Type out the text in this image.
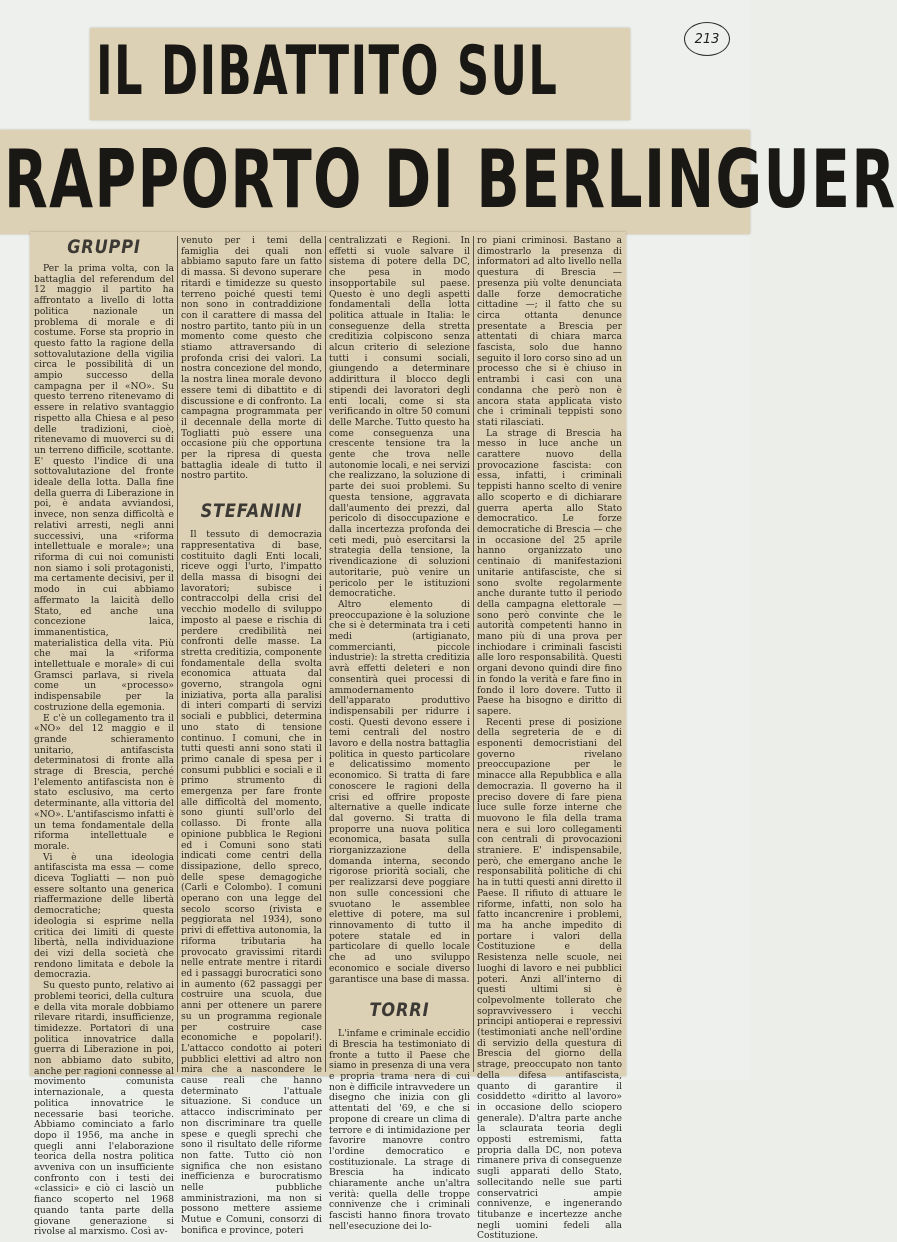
213
IL DIBATTITO SUL
RAPPORTO DI BERLINGUER
GRUPPI

Per la prima volta, con la battaglia del referendum del 12 maggio il partito ha affrontato a livello di lotta politica nazionale un problema di morale e di costume. Forse sta proprio in questo fatto la ragione della sottovalutazione della vigilia circa le possibilità di un ampio successo della campagna per il «NO». Su questo terreno ritenevamo di essere in relativo svantaggio rispetto alla Chiesa e al peso delle tradizioni, cioè, ritenevamo di muoverci su di un terreno difficile, scottante. E' questo l'indice di una sottovalutazione del fronte ideale della lotta. Dalla fine della guerra di Liberazione in poi, è andata avviandosi, invece, non senza difficoltà e relativi arresti, negli anni successivi, una «riforma intellettuale e morale»; una riforma di cui noi comunisti non siamo i soli protagonisti, ma certamente decisivi, per il modo in cui abbiamo affermato la laicità dello Stato, ed anche una concezione laica, immanentistica, materialistica della vita. Più che mai la «riforma intellettuale e morale» di cui Gramsci parlava, si rivela come un «processo» indispensabile per la costruzione della egemonia.

E c'è un collegamento tra il «NO» del 12 maggio e il grande schieramento unitario, antifascista determinatosi di fronte alla strage di Brescia, perché l'elemento antifascista non è stato esclusivo, ma certo determinante, alla vittoria del «NO». L'antifascismo infatti è un tema fondamentale della riforma intellettuale e morale.

Vi è una ideologia antifascista ma essa — come diceva Togliatti — non può essere soltanto una generica riaffermazione delle libertà democratiche; questa ideologia si esprime nella critica dei limiti di queste libertà, nella individuazione dei vizi della società che rendono limitata e debole la democrazia.

Su questo punto, relativo ai problemi teorici, della cultura e della vita morale dobbiamo rilevare ritardi, insufficienze, timidezze. Portatori di una politica innovatrice dalla guerra di Liberazione in poi, non abbiamo dato subito, anche per ragioni connesse al movimento comunista internazionale, a questa politica innovatrice le necessarie basi teoriche. Abbiamo cominciato a farlo dopo il 1956, ma anche in quegli anni l'elaborazione teorica della nostra politica avveniva con un insufficiente confronto con i testi dei «classici» e ciò ci lasciò un fianco scoperto nel 1968 quando tanta parte della giovane generazione si rivolse al marxismo. Così av-

venuto per i temi della famiglia dei quali non abbiamo saputo fare un fatto di massa. Si devono superare ritardi e timidezze su questo terreno poiché questi temi non sono in contraddizione con il carattere di massa del nostro partito, tanto più in un momento come questo che stiamo attraversando di profonda crisi dei valori. La nostra concezione del mondo, la nostra linea morale devono essere temi di dibattito e di discussione e di confronto. La campagna programmata per il decennale della morte di Togliatti può essere una occasione più che opportuna per la ripresa di questa battaglia ideale di tutto il nostro partito.

STEFANINI

Il tessuto di democrazia rappresentativa di base, costituito dagli Enti locali, riceve oggi l'urto, l'impatto della massa di bisogni dei lavoratori; subisce i contraccolpi della crisi del vecchio modello di sviluppo imposto al paese e rischia di perdere credibilità nei confronti delle masse. La stretta creditizia, componente fondamentale della svolta economica attuata dal governo, strangola ogni iniziativa, porta alla paralisi di interi comparti di servizi sociali e pubblici, determina uno stato di tensione continuo. I comuni, che in tutti questi anni sono stati il primo canale di spesa per i consumi pubblici e sociali e il primo strumento di emergenza per fare fronte alle difficoltà del momento, sono giunti sull'orlo del collasso. Di fronte alla opinione pubblica le Regioni ed i Comuni sono stati indicati come centri della dissipazione, dello spreco, delle spese demagogiche (Carli e Colombo). I comuni operano con una legge del secolo scorso (rivista e peggiorata nel 1934), sono privi di effettiva autonomia, la riforma tributaria ha provocato gravissimi ritardi nelle entrate mentre i ritardi ed i passaggi burocratici sono in aumento (62 passaggi per costruire una scuola, due anni per ottenere un parere su un programma regionale per costruire case economiche e popolari!). L'attacco condotto ai poteri pubblici elettivi ad altro non mira che a nascondere le cause reali che hanno determinato l'attuale situazione. Si conduce un attacco indiscriminato per non discriminare tra quelle spese e quegli sprechi che sono il risultato delle riforme non fatte. Tutto ciò non significa che non esistano inefficienza e burocratismo nelle pubbliche amministrazioni, ma non si possono mettere assieme Mutue e Comuni, consorzi di bonifica e province, poteri

centralizzati e Regioni. In effetti si vuole salvare il sistema di potere della DC, che pesa in modo insopportabile sul paese. Questo è uno degli aspetti fondamentali della lotta politica attuale in Italia: le conseguenze della stretta creditizia colpiscono senza alcun criterio di selezione tutti i consumi sociali, giungendo a determinare addirittura il blocco degli stipendi dei lavoratori degli enti locali, come si sta verificando in oltre 50 comuni delle Marche. Tutto questo ha come conseguenza una crescente tensione tra la gente che trova nelle autonomie locali, e nei servizi che realizzano, la soluzione di parte dei suoi problemi. Su questa tensione, aggravata dall'aumento dei prezzi, dal pericolo di disoccupazione e dalla incertezza profonda dei ceti medi, può esercitarsi la strategia della tensione, la rivendicazione di soluzioni autoritarie, può venire un pericolo per le istituzioni democratiche.

Altro elemento di preoccupazione è la soluzione che si è determinata tra i ceti medi (artigianato, commercianti, piccole industrie): la stretta creditizia avrà effetti deleteri e non consentirà quei processi di ammodernamento dell'apparato produttivo indispensabili per ridurre i costi. Questi devono essere i temi centrali del nostro lavoro e della nostra battaglia politica in questo particolare e delicatissimo momento economico. Si tratta di fare conoscere le ragioni della crisi ed offrire proposte alternative a quelle indicate dal governo. Si tratta di proporre una nuova politica economica, basata sulla riorganizzazione della domanda interna, secondo rigorose priorità sociali, che per realizzarsi deve poggiare non sulle concessioni che svuotano le assemblee elettive di potere, ma sul rinnovamento di tutto il potere statale ed in particolare di quello locale che ad uno sviluppo economico e sociale diverso garantisce una base di massa.

TORRI

L'infame e criminale eccidio di Brescia ha testimoniato di fronte a tutto il Paese che siamo in presenza di una vera e propria trama nera di cui non è difficile intravvedere un disegno che inizia con gli attentati del '69, e che si propone di creare un clima di terrore e di intimidazione per favorire manovre contro l'ordine democratico e costituzionale. La strage di Brescia ha indicato chiaramente anche un'altra verità: quella delle troppe connivenze che i criminali fascisti hanno finora trovato nell'esecuzione dei lo-

ro piani criminosi. Bastano a dimostrarlo la presenza di informatori ad alto livello nella questura di Brescia — presenza più volte denunciata dalle forze democratiche cittadine —; il fatto che su circa ottanta denunce presentate a Brescia per attentati di chiara marca fascista, solo due hanno seguito il loro corso sino ad un processo che si è chiuso in entrambi i casi con una condanna che però non è ancora stata applicata visto che i criminali teppisti sono stati rilasciati.

La strage di Brescia ha messo in luce anche un carattere nuovo della provocazione fascista: con essa, infatti, i criminali teppisti hanno scelto di venire allo scoperto e di dichiarare guerra aperta allo Stato democratico. Le forze democratiche di Brescia — che in occasione del 25 aprile hanno organizzato uno centinaio di manifestazioni unitarie antifasciste, che si sono svolte regolarmente anche durante tutto il periodo della campagna elettorale — sono però convinte che le autorità competenti hanno in mano più di una prova per inchiodare i criminali fascisti alle loro responsabilità. Questi organi devono quindi dire fino in fondo la verità e fare fino in fondo il loro dovere. Tutto il Paese ha bisogno e diritto di sapere.

Recenti prese di posizione della segreteria de e di esponenti democristiani del governo rivelano preoccupazione per le minacce alla Repubblica e alla democrazia. Il governo ha il preciso dovere di fare piena luce sulle forze interne che muovono le fila della trama nera e sui loro collegamenti con centrali di provocazioni straniere. E' indispensabile, però, che emergano anche le responsabilità politiche di chi ha in tutti questi anni diretto il Paese. Il rifiuto di attuare le riforme, infatti, non solo ha fatto incancrenire i problemi, ma ha anche impedito di portare i valori della Costituzione e della Resistenza nelle scuole, nei luoghi di lavoro e nei pubblici poteri. Anzi all'interno di questi ultimi si è colpevolmente tollerato che sopravvivessero i vecchi principi antioperai e repressivi (testimoniati anche nell'ordine di servizio della questura di Brescia del giorno della strage, preoccupato non tanto della difesa antifascista, quanto di garantire il cosiddetto «diritto al lavoro» in occasione dello sciopero generale). D'altra parte anche la sclaurata teoria degli opposti estremismi, fatta propria dalla DC, non poteva rimanere priva di conseguenze sugli apparati dello Stato, sollecitando nelle sue parti conservatrici ampie connivenze, e ingenerando titubanze e incertezze anche negli uomini fedeli alla Costituzione.
